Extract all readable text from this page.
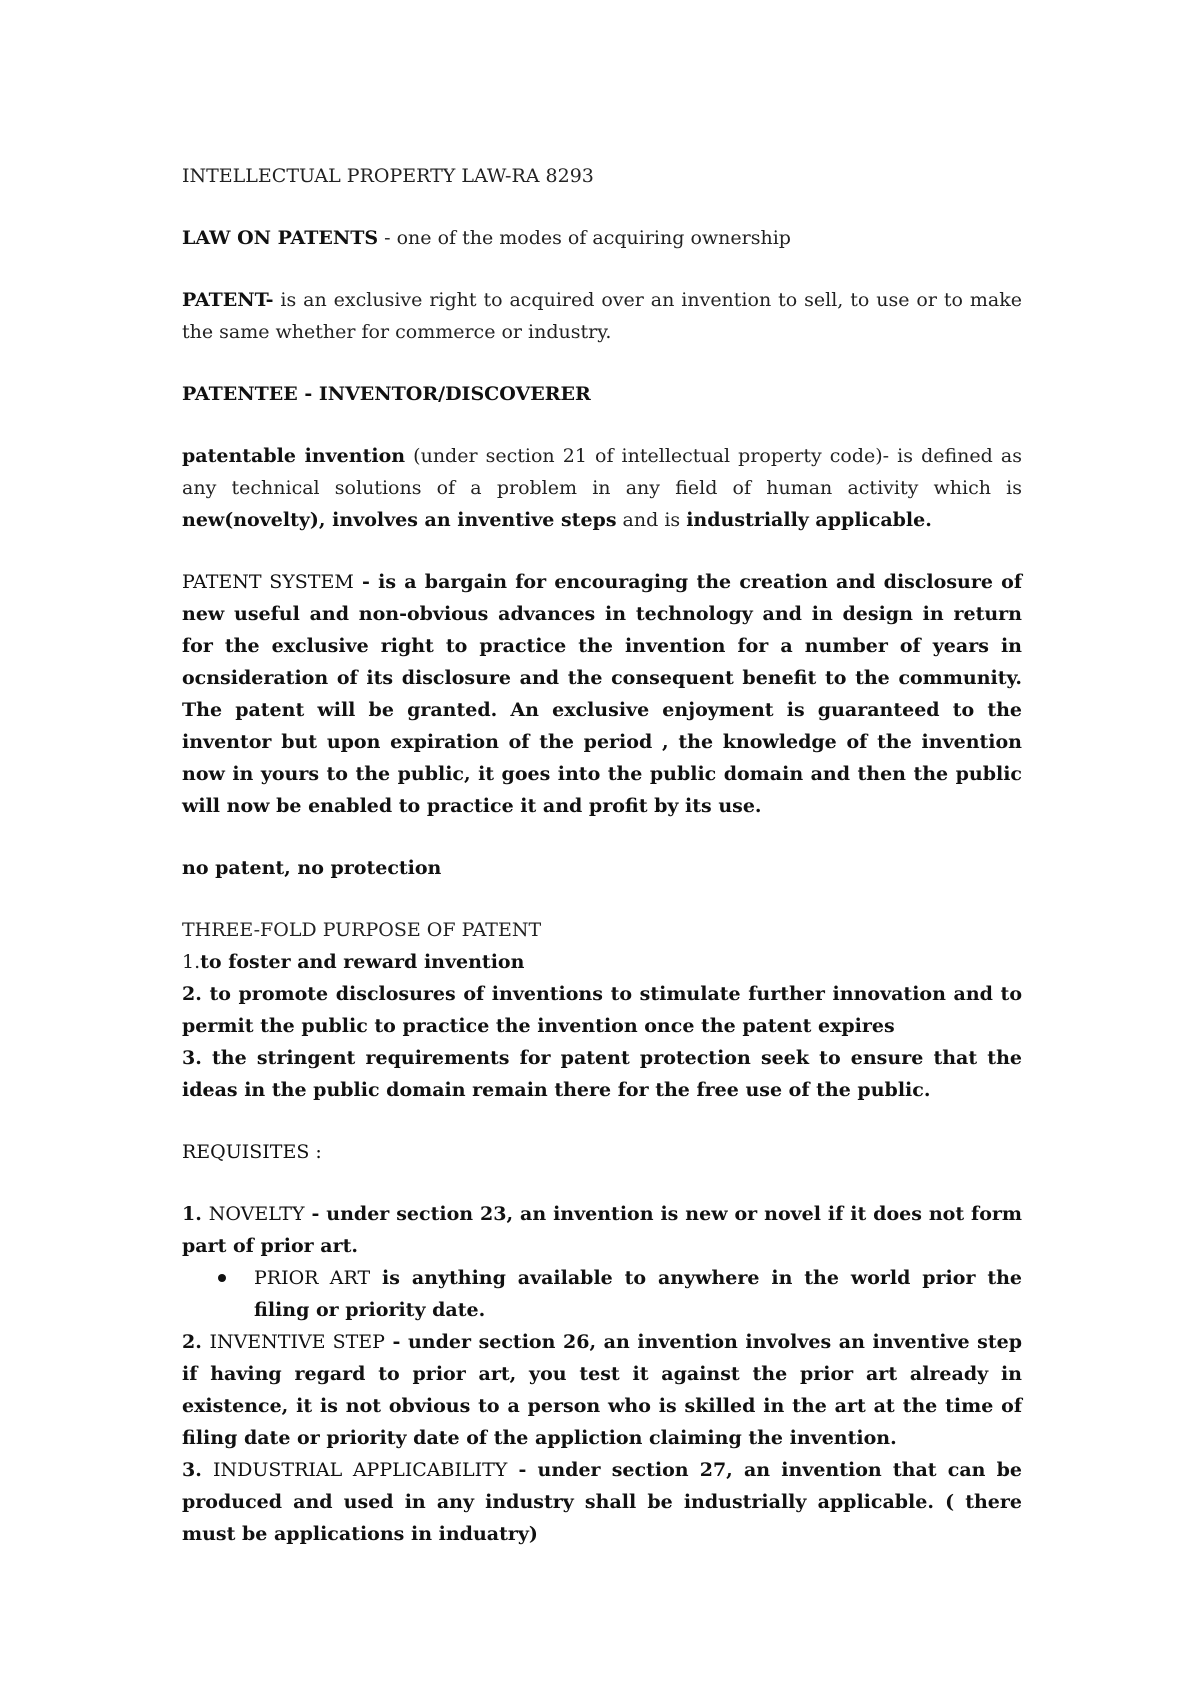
INTELLECTUAL PROPERTY LAW-RA 8293

LAW ON PATENTS - one of the modes of acquiring ownership

PATENT- is an exclusive right to acquired over an invention to sell, to use or to make the same whether for commerce or industry.

PATENTEE - INVENTOR/DISCOVERER

patentable invention (under section 21 of intellectual property code)- is defined as any technical solutions of a problem in any field of human activity which is new(novelty), involves an inventive steps and is industrially applicable.

PATENT SYSTEM - is a bargain for encouraging the creation and disclosure of new useful and non-obvious advances in technology and in design in return for the exclusive right to practice the invention for a number of years in ocnsideration of its disclosure and the consequent benefit to the community. The patent will be granted. An exclusive enjoyment is guaranteed to the inventor but upon expiration of the period , the knowledge of the invention now in yours to the public, it goes into the public domain and then the public will now be enabled to practice it and profit by its use.

no patent, no protection

THREE-FOLD PURPOSE OF PATENT

1.to foster and reward invention

2. to promote disclosures of inventions to stimulate further innovation and to permit the public to practice the invention once the patent expires

3. the stringent requirements for patent protection seek to ensure that the ideas in the public domain remain there for the free use of the public.

REQUISITES :

1. NOVELTY - under section 23, an invention is new or novel if it does not form part of prior art.

PRIOR ART is anything available to anywhere in the world prior the filing or priority date.

2. INVENTIVE STEP - under section 26, an invention involves an inventive step if having regard to prior art, you test it against the prior art already in existence, it is not obvious to a person who is skilled in the art at the time of filing date or priority date of the appliction claiming the invention.

3. INDUSTRIAL APPLICABILITY - under section 27, an invention that can be produced and used in any industry shall be industrially applicable. ( there must be applications in induatry)
